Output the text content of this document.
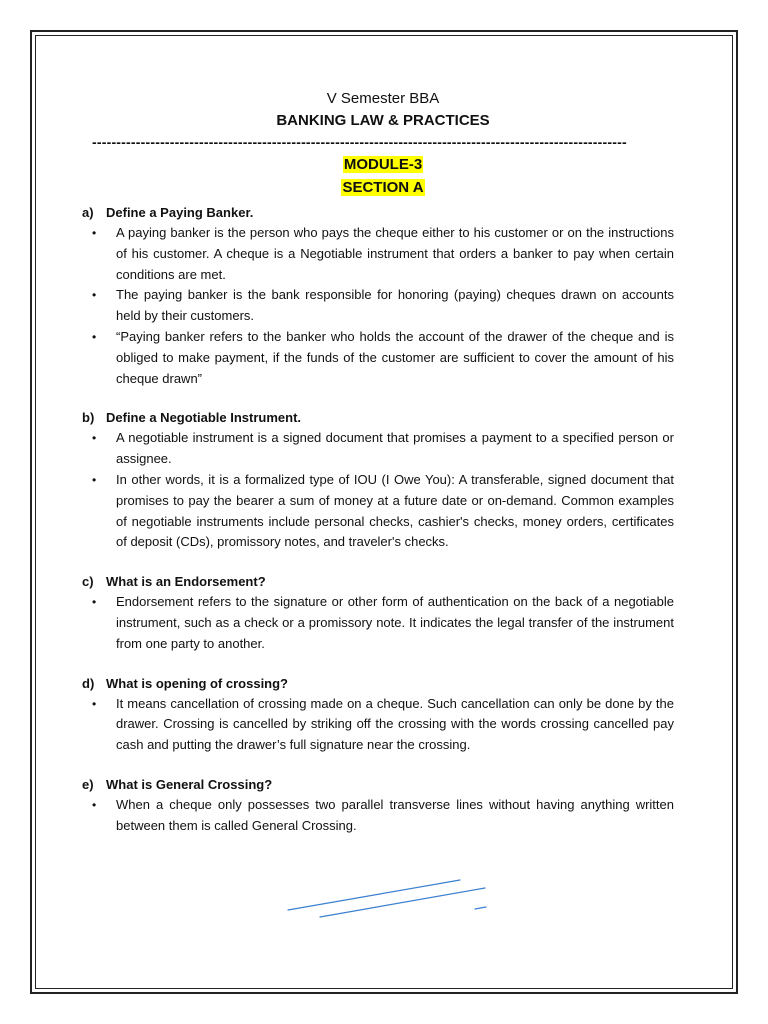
V Semester BBA
BANKING LAW & PRACTICES
--------------------------------------------------------------------------------------------------------------
MODULE-3
SECTION A
a) Define a Paying Banker.
•	A paying banker is the person who pays the cheque either to his customer or on the instructions of his customer. A cheque is a Negotiable instrument that orders a banker to pay when certain conditions are met.
•	The paying banker is the bank responsible for honoring (paying) cheques drawn on accounts held by their customers.
•	“Paying banker refers to the banker who holds the account of the drawer of the cheque and is obliged to make payment, if the funds of the customer are sufficient to cover the amount of his cheque drawn”
b) Define a Negotiable Instrument.
•	A negotiable instrument is a signed document that promises a payment to a specified person or assignee.
•	In other words, it is a formalized type of IOU (I Owe You): A transferable, signed document that promises to pay the bearer a sum of money at a future date or on-demand. Common examples of negotiable instruments include personal checks, cashier's checks, money orders, certificates of deposit (CDs), promissory notes, and traveler's checks.
c) What is an Endorsement?
•	Endorsement refers to the signature or other form of authentication on the back of a negotiable instrument, such as a check or a promissory note. It indicates the legal transfer of the instrument from one party to another.
d) What is opening of crossing?
•	It means cancellation of crossing made on a cheque. Such cancellation can only be done by the drawer. Crossing is cancelled by striking off the crossing with the words crossing cancelled pay cash and putting the drawer’s full signature near the crossing.
e) What is General Crossing?
•	When a cheque only possesses two parallel transverse lines without having anything written between them is called General Crossing.
